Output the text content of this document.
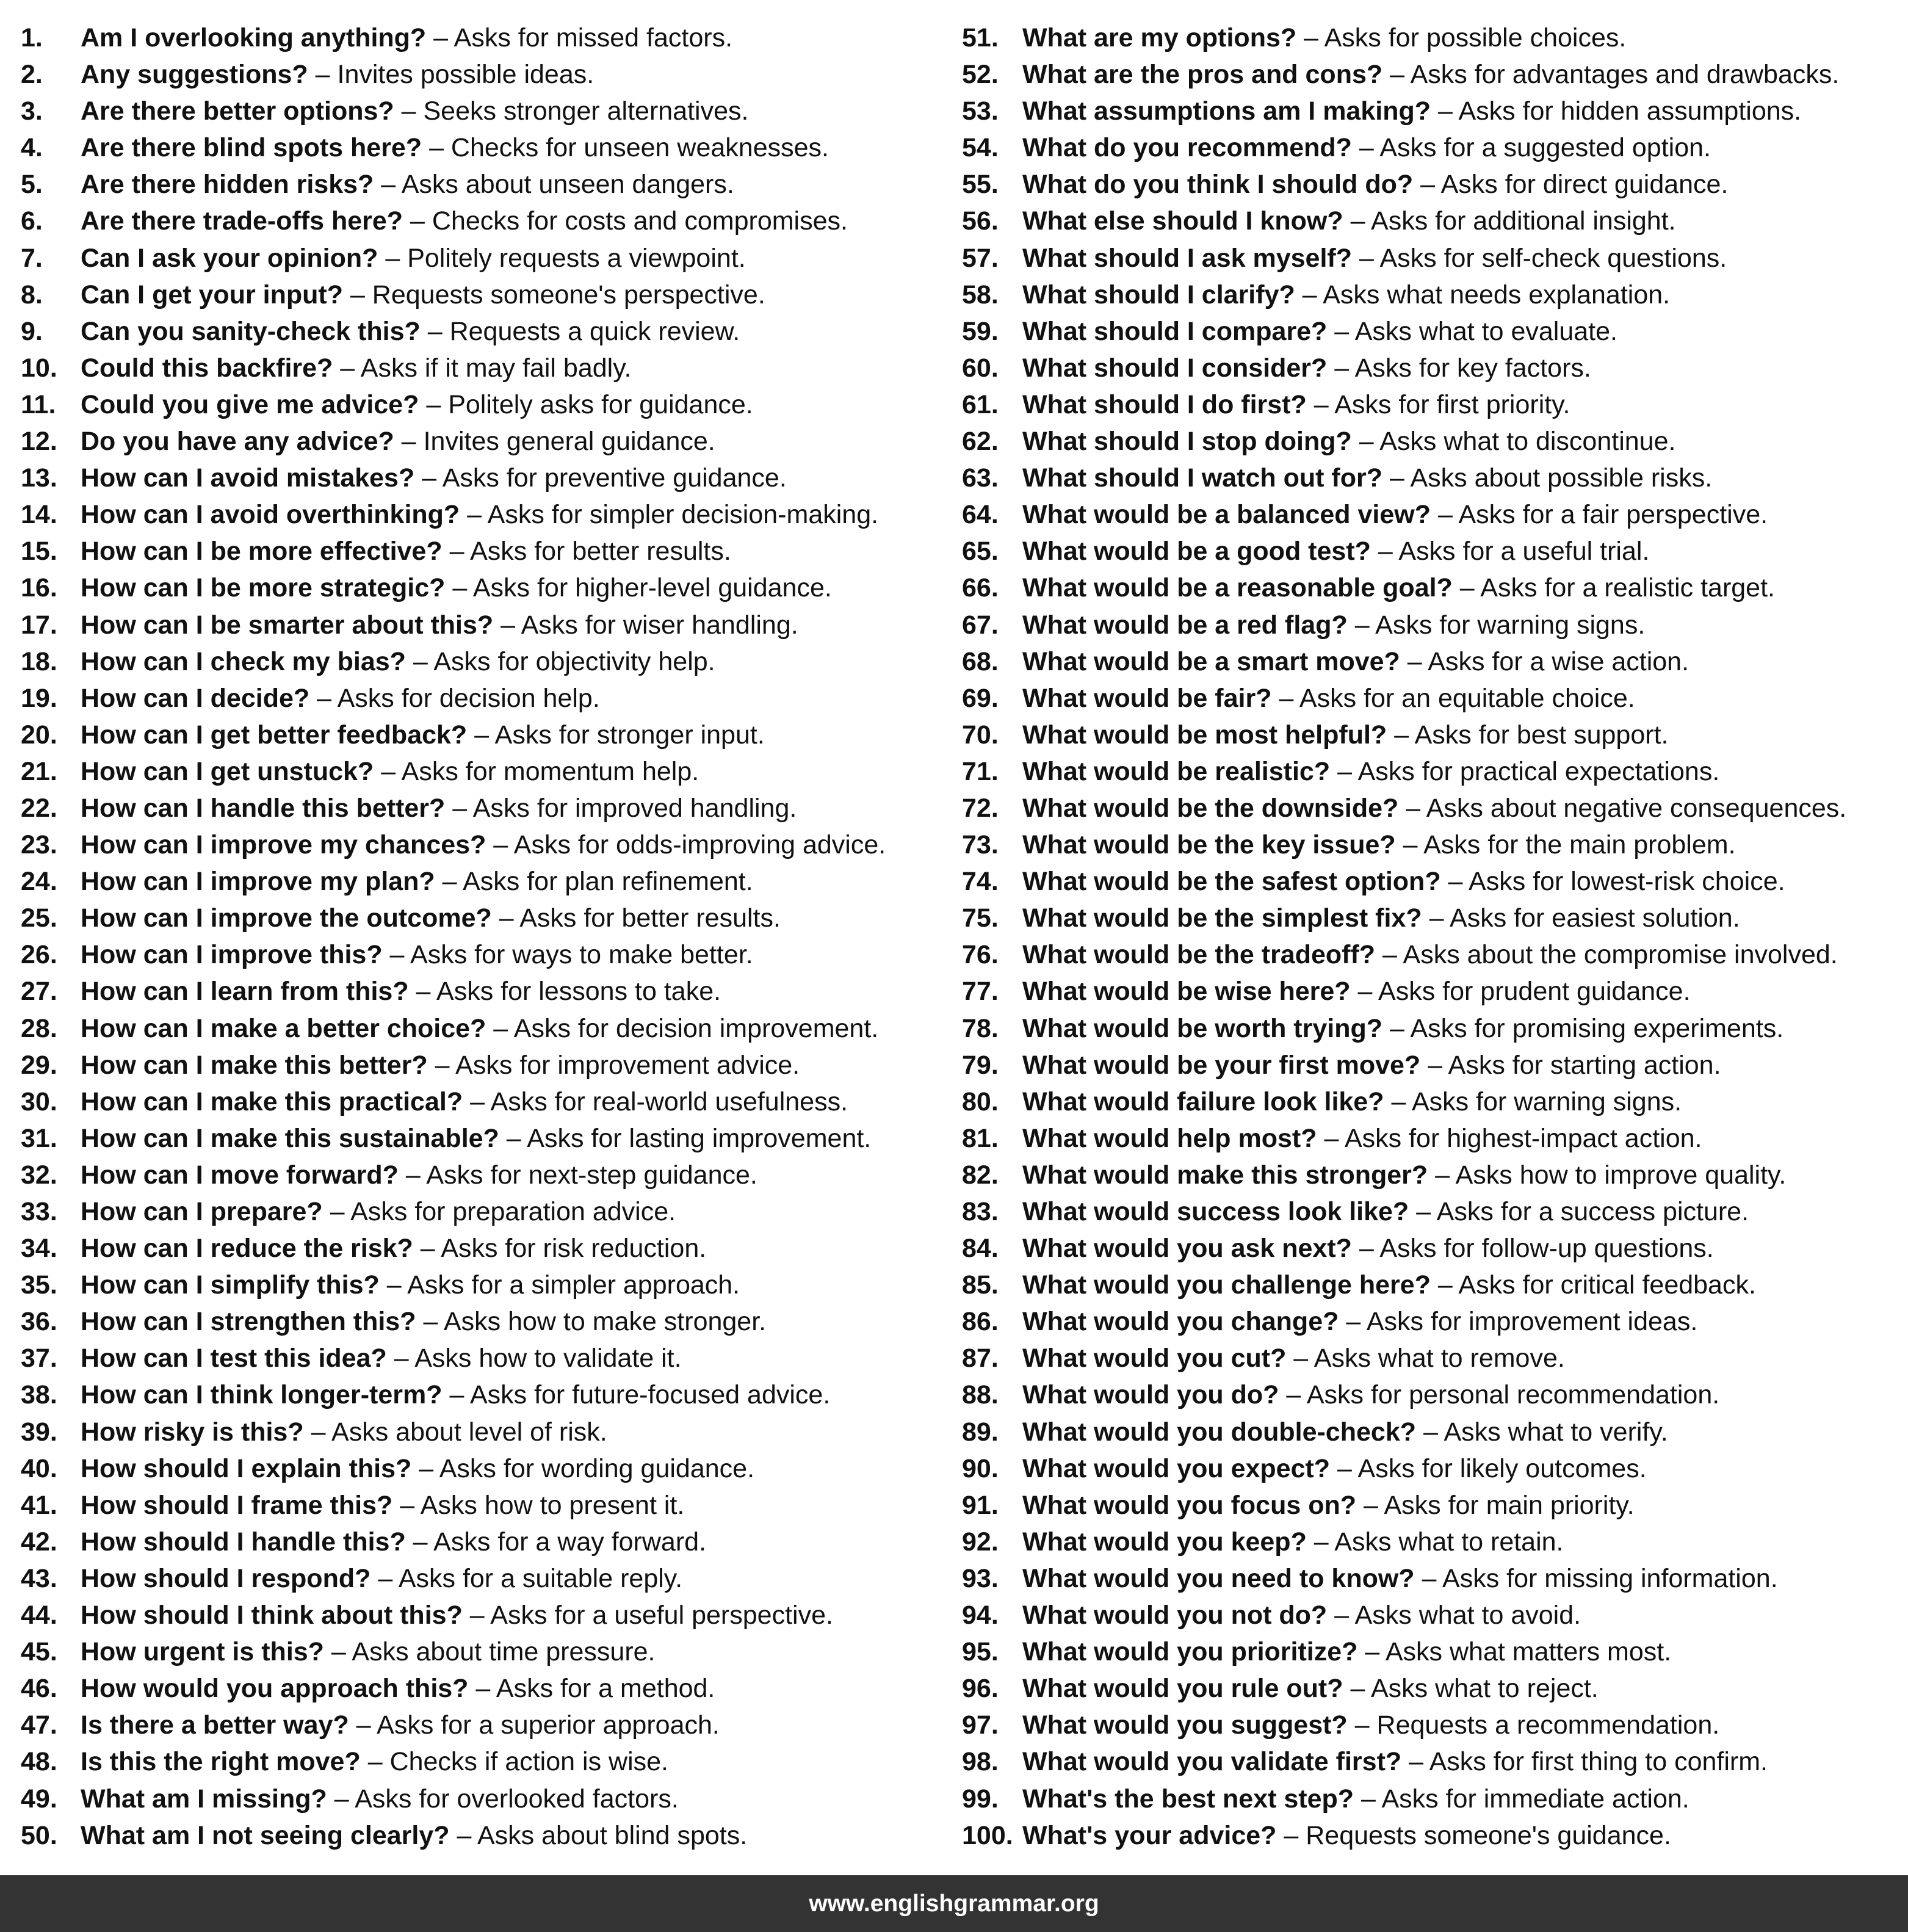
1.	Am I overlooking anything? – Asks for missed factors.
2.	Any suggestions? – Invites possible ideas.
3.	Are there better options? – Seeks stronger alternatives.
4.	Are there blind spots here? – Checks for unseen weaknesses.
5.	Are there hidden risks? – Asks about unseen dangers.
6.	Are there trade-offs here? – Checks for costs and compromises.
7.	Can I ask your opinion? – Politely requests a viewpoint.
8.	Can I get your input? – Requests someone's perspective.
9.	Can you sanity-check this? – Requests a quick review.
10. Could this backfire? – Asks if it may fail badly.
11. Could you give me advice? – Politely asks for guidance.
12. Do you have any advice? – Invites general guidance.
13. How can I avoid mistakes? – Asks for preventive guidance.
14. How can I avoid overthinking? – Asks for simpler decision-making.
15. How can I be more effective? – Asks for better results.
16. How can I be more strategic? – Asks for higher-level guidance.
17. How can I be smarter about this? – Asks for wiser handling.
18. How can I check my bias? – Asks for objectivity help.
19. How can I decide? – Asks for decision help.
20. How can I get better feedback? – Asks for stronger input.
21. How can I get unstuck? – Asks for momentum help.
22. How can I handle this better? – Asks for improved handling.
23. How can I improve my chances? – Asks for odds-improving advice.
24. How can I improve my plan? – Asks for plan refinement.
25. How can I improve the outcome? – Asks for better results.
26. How can I improve this? – Asks for ways to make better.
27. How can I learn from this? – Asks for lessons to take.
28. How can I make a better choice? – Asks for decision improvement.
29. How can I make this better? – Asks for improvement advice.
30. How can I make this practical? – Asks for real-world usefulness.
31. How can I make this sustainable? – Asks for lasting improvement.
32. How can I move forward? – Asks for next-step guidance.
33. How can I prepare? – Asks for preparation advice.
34. How can I reduce the risk? – Asks for risk reduction.
35. How can I simplify this? – Asks for a simpler approach.
36. How can I strengthen this? – Asks how to make stronger.
37. How can I test this idea? – Asks how to validate it.
38. How can I think longer-term? – Asks for future-focused advice.
39. How risky is this? – Asks about level of risk.
40. How should I explain this? – Asks for wording guidance.
41. How should I frame this? – Asks how to present it.
42. How should I handle this? – Asks for a way forward.
43. How should I respond? – Asks for a suitable reply.
44. How should I think about this? – Asks for a useful perspective.
45. How urgent is this? – Asks about time pressure.
46. How would you approach this? – Asks for a method.
47. Is there a better way? – Asks for a superior approach.
48. Is this the right move? – Checks if action is wise.
49. What am I missing? – Asks for overlooked factors.
50. What am I not seeing clearly? – Asks about blind spots.
51. What are my options? – Asks for possible choices.
52. What are the pros and cons? – Asks for advantages and drawbacks.
53. What assumptions am I making? – Asks for hidden assumptions.
54. What do you recommend? – Asks for a suggested option.
55. What do you think I should do? – Asks for direct guidance.
56. What else should I know? – Asks for additional insight.
57. What should I ask myself? – Asks for self-check questions.
58. What should I clarify? – Asks what needs explanation.
59. What should I compare? – Asks what to evaluate.
60. What should I consider? – Asks for key factors.
61. What should I do first? – Asks for first priority.
62. What should I stop doing? – Asks what to discontinue.
63. What should I watch out for? – Asks about possible risks.
64. What would be a balanced view? – Asks for a fair perspective.
65. What would be a good test? – Asks for a useful trial.
66. What would be a reasonable goal? – Asks for a realistic target.
67. What would be a red flag? – Asks for warning signs.
68. What would be a smart move? – Asks for a wise action.
69. What would be fair? – Asks for an equitable choice.
70. What would be most helpful? – Asks for best support.
71. What would be realistic? – Asks for practical expectations.
72. What would be the downside? – Asks about negative consequences.
73. What would be the key issue? – Asks for the main problem.
74. What would be the safest option? – Asks for lowest-risk choice.
75. What would be the simplest fix? – Asks for easiest solution.
76. What would be the tradeoff? – Asks about the compromise involved.
77. What would be wise here? – Asks for prudent guidance.
78. What would be worth trying? – Asks for promising experiments.
79. What would be your first move? – Asks for starting action.
80. What would failure look like? – Asks for warning signs.
81. What would help most? – Asks for highest-impact action.
82. What would make this stronger? – Asks how to improve quality.
83. What would success look like? – Asks for a success picture.
84. What would you ask next? – Asks for follow-up questions.
85. What would you challenge here? – Asks for critical feedback.
86. What would you change? – Asks for improvement ideas.
87. What would you cut? – Asks what to remove.
88. What would you do? – Asks for personal recommendation.
89. What would you double-check? – Asks what to verify.
90. What would you expect? – Asks for likely outcomes.
91. What would you focus on? – Asks for main priority.
92. What would you keep? – Asks what to retain.
93. What would you need to know? – Asks for missing information.
94. What would you not do? – Asks what to avoid.
95. What would you prioritize? – Asks what matters most.
96. What would you rule out? – Asks what to reject.
97. What would you suggest? – Requests a recommendation.
98. What would you validate first? – Asks for first thing to confirm.
99. What's the best next step? – Asks for immediate action.
100. What's your advice? – Requests someone's guidance.
www.englishgrammar.org
